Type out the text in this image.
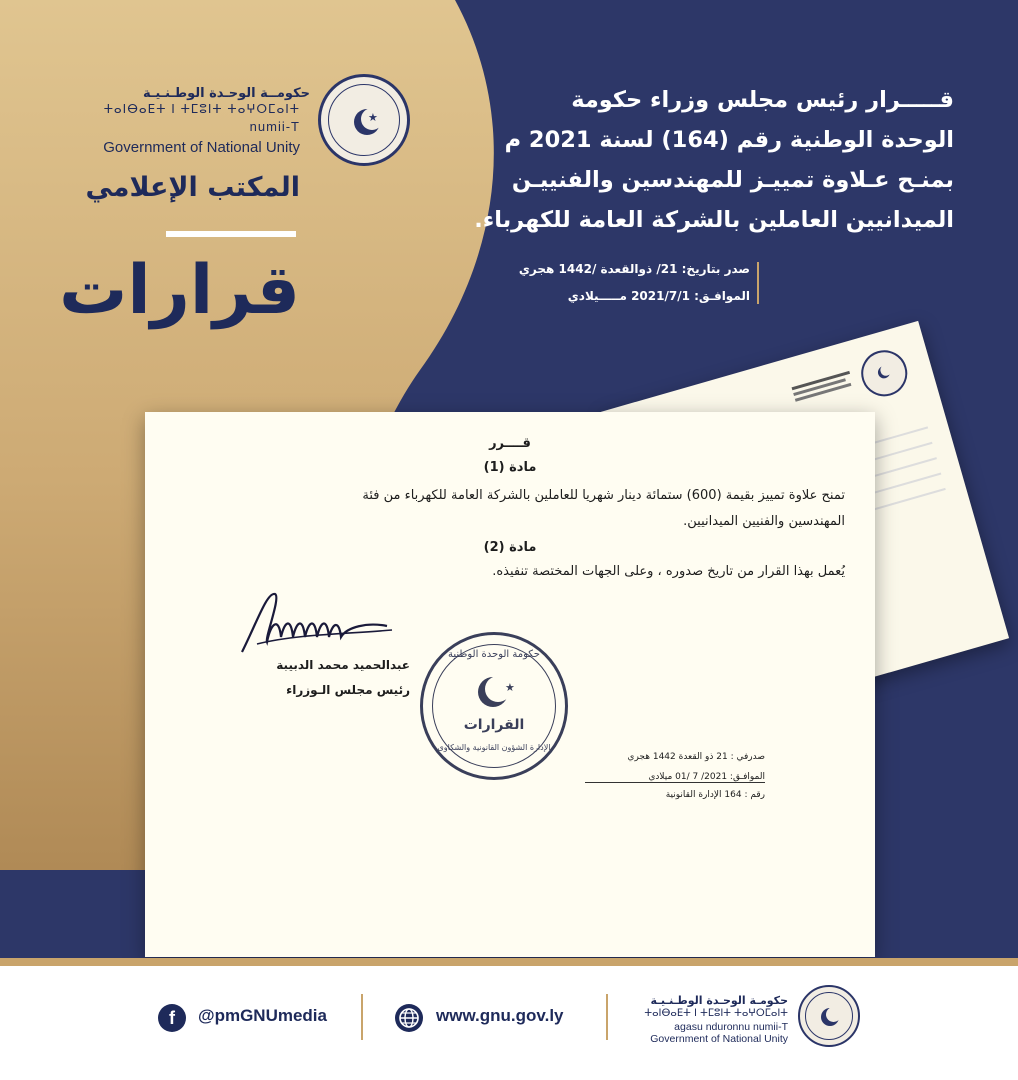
★
حكومــة الوحـدة الوطـنـيـة
ⵜⴰⵏⴱⴰⴹⵜ ⵏ ⵜⵎⵓⵏⵜ ⵜⴰⵖⵔⵎⴰⵏⵜ
numii-T
Government of National Unity
المكتب الإعلامي
قرارات
قـــــرار رئيس مجلس وزراء حكومة
الوحدة الوطنية رقم (164) لسنة 2021 م
بمنـح عـلاوة تمييـز للمهندسين والفنييـن
الميدانيين العاملين بالشركة العامة للكهرباء.
صدر بتاريخ: 21/ ذوالقعدة /1442 هجري
الموافـق: 2021/7/1 مـــــيلادي
قــــرر
مادة (1)
تمنح علاوة تمييز بقيمة (600) ستمائة دينار شهريا للعاملين بالشركة العامة للكهرباء من فئة
المهندسين والفنيين الميدانيين.
مادة (2)
يُعمل بهذا القرار من تاريخ صدوره ، وعلى الجهات المختصة تنفيذه.
عبدالحميد محمد الدبيبة
رئيس مجلس الـوزراء
حكومة الوحدة الوطنية
★
القرارات
الإدارة الشؤون القانونية والشكاوى
صدرفي : 21 ذو القعدة 1442 هجري
الموافـق: 2021/ 7 /01 ميلادي
رقم : 164 الإدارة القانونية
f	@pmGNUmedia	www.gnu.gov.ly
حكومـة الوحـدة الوطـنـيـة
ⵜⴰⵏⴱⴰⴹⵜ ⵏ ⵜⵎⵓⵏⵜ ⵜⴰⵖⵔⵎⴰⵏⵜ
agasu nduronnu numii-T
Government of National Unity
